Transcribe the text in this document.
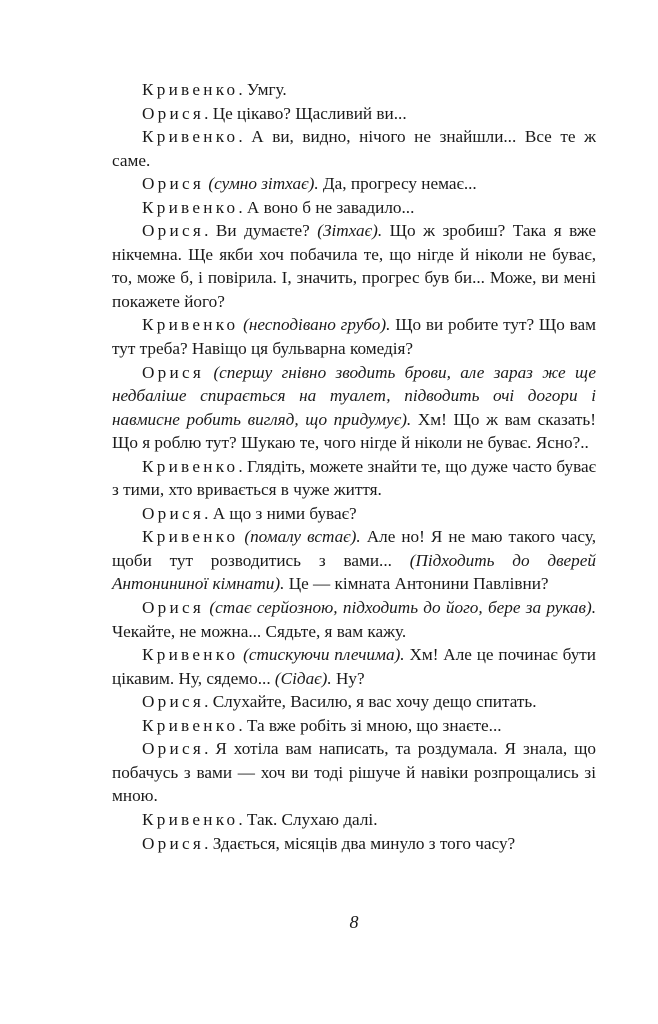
Кривенко. Умгу.

Орися. Це цікаво? Щасливий ви...

Кривенко. А ви, видно, нічого не знайшли... Все те ж саме.

Орися (сумно зітхає). Да, прогресу немає...

Кривенко. А воно б не завадило...

Орися. Ви думаєте? (Зітхає). Що ж зробиш? Така я вже нікчемна. Ще якби хоч побачила те, що нігде й ніколи не буває, то, може б, і повірила. І, значить, прогрес був би... Може, ви мені покажете його?

Кривенко (несподівано грубо). Що ви робите тут? Що вам тут треба? Навіщо ця бульварна комедія?

Орися (спершу гнівно зводить брови, але зараз же ще недбаліше спирається на туалет, підводить очі догори і навмисне робить вигляд, що придумує). Хм! Що ж вам сказать! Що я роблю тут? Шукаю те, чого нігде й ніколи не буває. Ясно?..

Кривенко. Глядіть, можете знайти те, що дуже часто буває з тими, хто вривається в чуже життя.

Орися. А що з ними буває?

Кривенко (помалу встає). Але но! Я не маю такого часу, щоби тут розводитись з вами... (Підходить до дверей Антонининої кімнати). Це — кімната Антонини Павлівни?

Орися (стає серйозною, підходить до його, бере за рукав). Чекайте, не можна... Сядьте, я вам кажу.

Кривенко (стискуючи плечима). Хм! Але це починає бути цікавим. Ну, сядемо... (Сідає). Ну?

Орися. Слухайте, Василю, я вас хочу дещо спитать.

Кривенко. Та вже робіть зі мною, що знаєте...

Орися. Я хотіла вам написать, та роздумала. Я знала, що побачусь з вами — хоч ви тоді рішуче й навіки розпрощались зі мною.

Кривенко. Так. Слухаю далі.

Орися. Здається, місяців два минуло з того часу?

8
